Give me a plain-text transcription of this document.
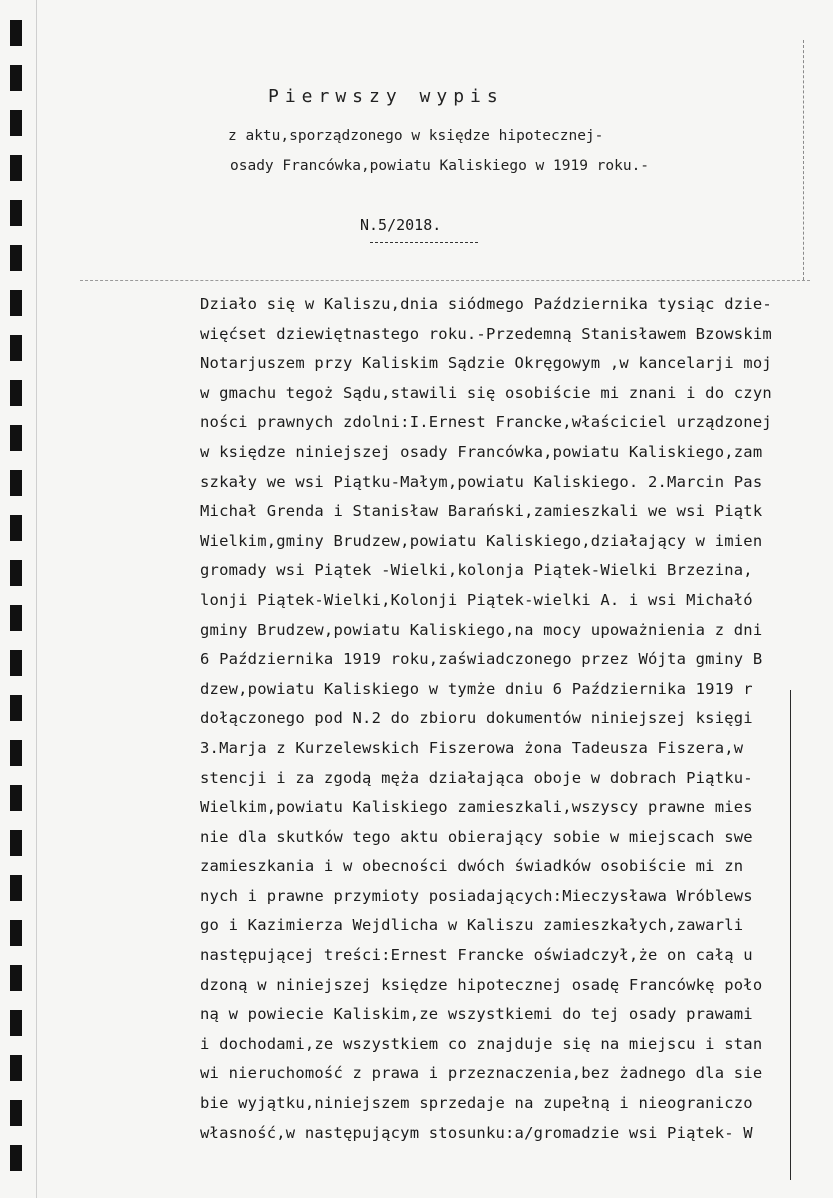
Pierwszy wypis
z aktu,sporządzonego w księdze hipotecznej-
osady Francówka,powiatu Kaliskiego w 1919 roku.-
N.5/2018.
Działo się w Kaliszu,dnia siódmego Października tysiąc dzie-
więćset dziewiętnastego roku.-Przedemną Stanisławem Bzowskim
Notarjuszem przy Kaliskim Sądzie Okręgowym ,w kancelarji moj
w gmachu tegoż Sądu,stawili się osobiście mi znani i do czyn
ności prawnych zdolni:I.Ernest Francke,właściciel urządzonej
w księdze niniejszej osady Francówka,powiatu Kaliskiego,zam
szkały we wsi Piątku-Małym,powiatu Kaliskiego. 2.Marcin Pas
Michał Grenda i Stanisław Barański,zamieszkali we wsi Piątk
Wielkim,gminy Brudzew,powiatu Kaliskiego,działający w imien
gromady wsi Piątek -Wielki,kolonja Piątek-Wielki Brzezina,
lonji Piątek-Wielki,Kolonji Piątek-wielki A. i wsi Michałó
gminy Brudzew,powiatu Kaliskiego,na mocy upoważnienia z dni
6 Października 1919 roku,zaświadczonego przez Wójta gminy B
dzew,powiatu Kaliskiego w tymże dniu 6 Października 1919 r
dołączonego pod N.2 do zbioru dokumentów niniejszej księgi
3.Marja z Kurzelewskich Fiszerowa żona Tadeusza Fiszera,w
stencji i za zgodą męża działająca oboje w dobrach Piątku-
Wielkim,powiatu Kaliskiego zamieszkali,wszyscy prawne mies
nie dla skutków tego aktu obierający sobie w miejscach swe
zamieszkania i w obecności dwóch świadków osobiście mi zn
nych i prawne przymioty posiadających:Mieczysława Wróblews
go i Kazimierza Wejdlicha w Kaliszu zamieszkałych,zawarli
następującej treści:Ernest Francke oświadczył,że on całą u
dzoną w niniejszej księdze hipotecznej osadę Francówkę poło
ną w powiecie Kaliskim,ze wszystkiemi do tej osady prawami
i dochodami,ze wszystkiem co znajduje się na miejscu i stan
wi nieruchomość z prawa i przeznaczenia,bez żadnego dla sie
bie wyjątku,niniejszem sprzedaje na zupełną i nieograniczo
własność,w następującym stosunku:a/gromadzie wsi Piątek- W
